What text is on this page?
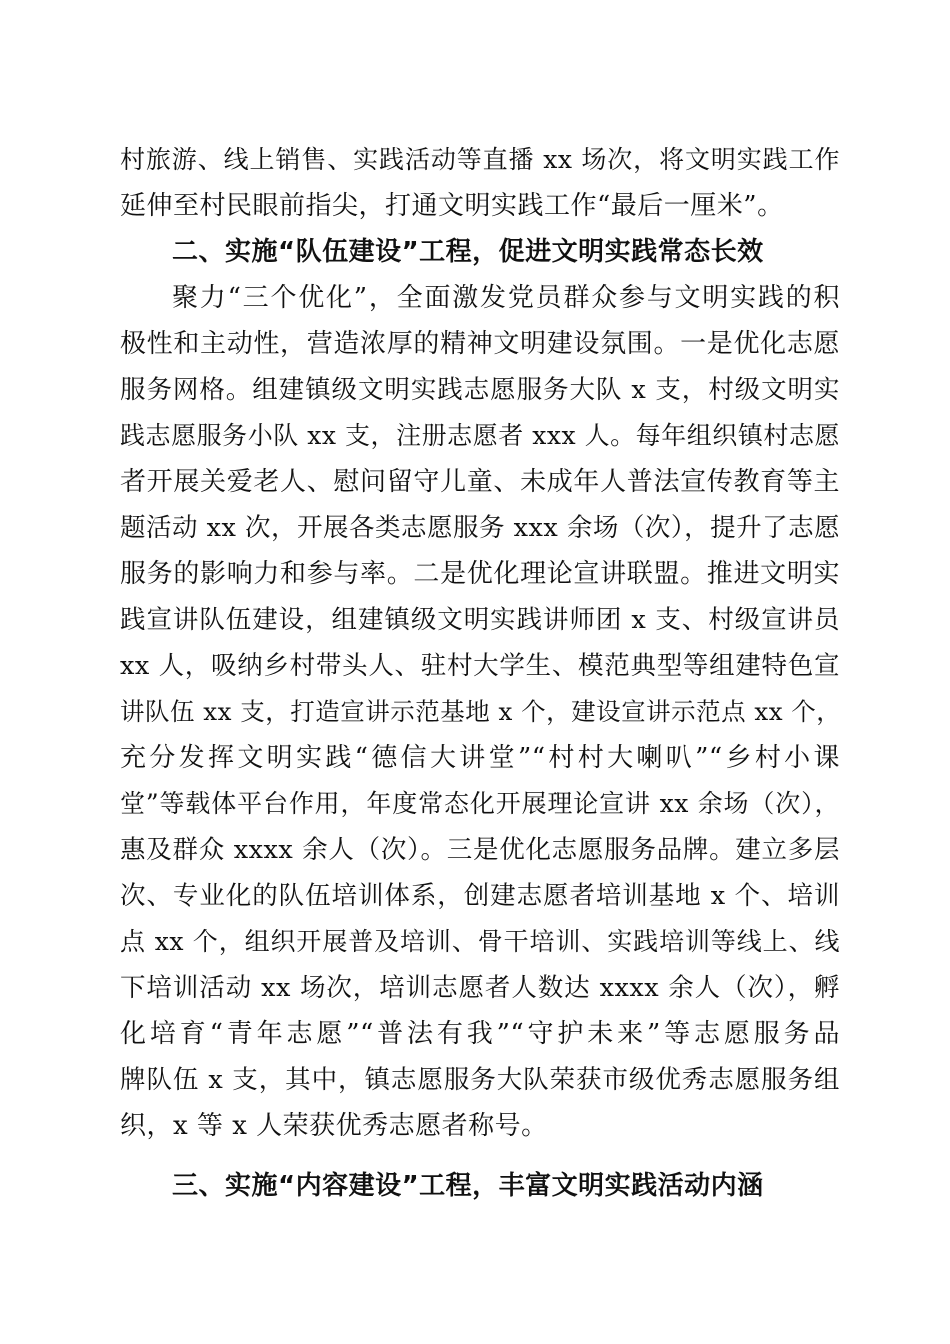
村旅游、线上销售、实践活动等直播 xx 场次，将文明实践工作
延伸至村民眼前指尖，打通文明实践工作“最后一厘米”。
二、实施“队伍建设”工程，促进文明实践常态长效
聚力“三个优化”，全面激发党员群众参与文明实践的积
极性和主动性，营造浓厚的精神文明建设氛围。一是优化志愿
服务网格。组建镇级文明实践志愿服务大队 x 支，村级文明实
践志愿服务小队 xx 支，注册志愿者 xxx 人。每年组织镇村志愿
者开展关爱老人、慰问留守儿童、未成年人普法宣传教育等主
题活动 xx 次，开展各类志愿服务 xxx 余场（次），提升了志愿
服务的影响力和参与率。二是优化理论宣讲联盟。推进文明实
践宣讲队伍建设，组建镇级文明实践讲师团 x 支、村级宣讲员
xx 人，吸纳乡村带头人、驻村大学生、模范典型等组建特色宣
讲队伍 xx 支，打造宣讲示范基地 x 个，建设宣讲示范点 xx 个，
充分发挥文明实践“德信大讲堂”“村村大喇叭”“乡村小课
堂”等载体平台作用，年度常态化开展理论宣讲 xx 余场（次），
惠及群众 xxxx 余人（次）。三是优化志愿服务品牌。建立多层
次、专业化的队伍培训体系，创建志愿者培训基地 x 个、培训
点 xx 个，组织开展普及培训、骨干培训、实践培训等线上、线
下培训活动 xx 场次，培训志愿者人数达 xxxx 余人（次），孵
化培育“青年志愿”“普法有我”“守护未来”等志愿服务品
牌队伍 x 支，其中，镇志愿服务大队荣获市级优秀志愿服务组
织，x 等 x 人荣获优秀志愿者称号。
三、实施“内容建设”工程，丰富文明实践活动内涵
